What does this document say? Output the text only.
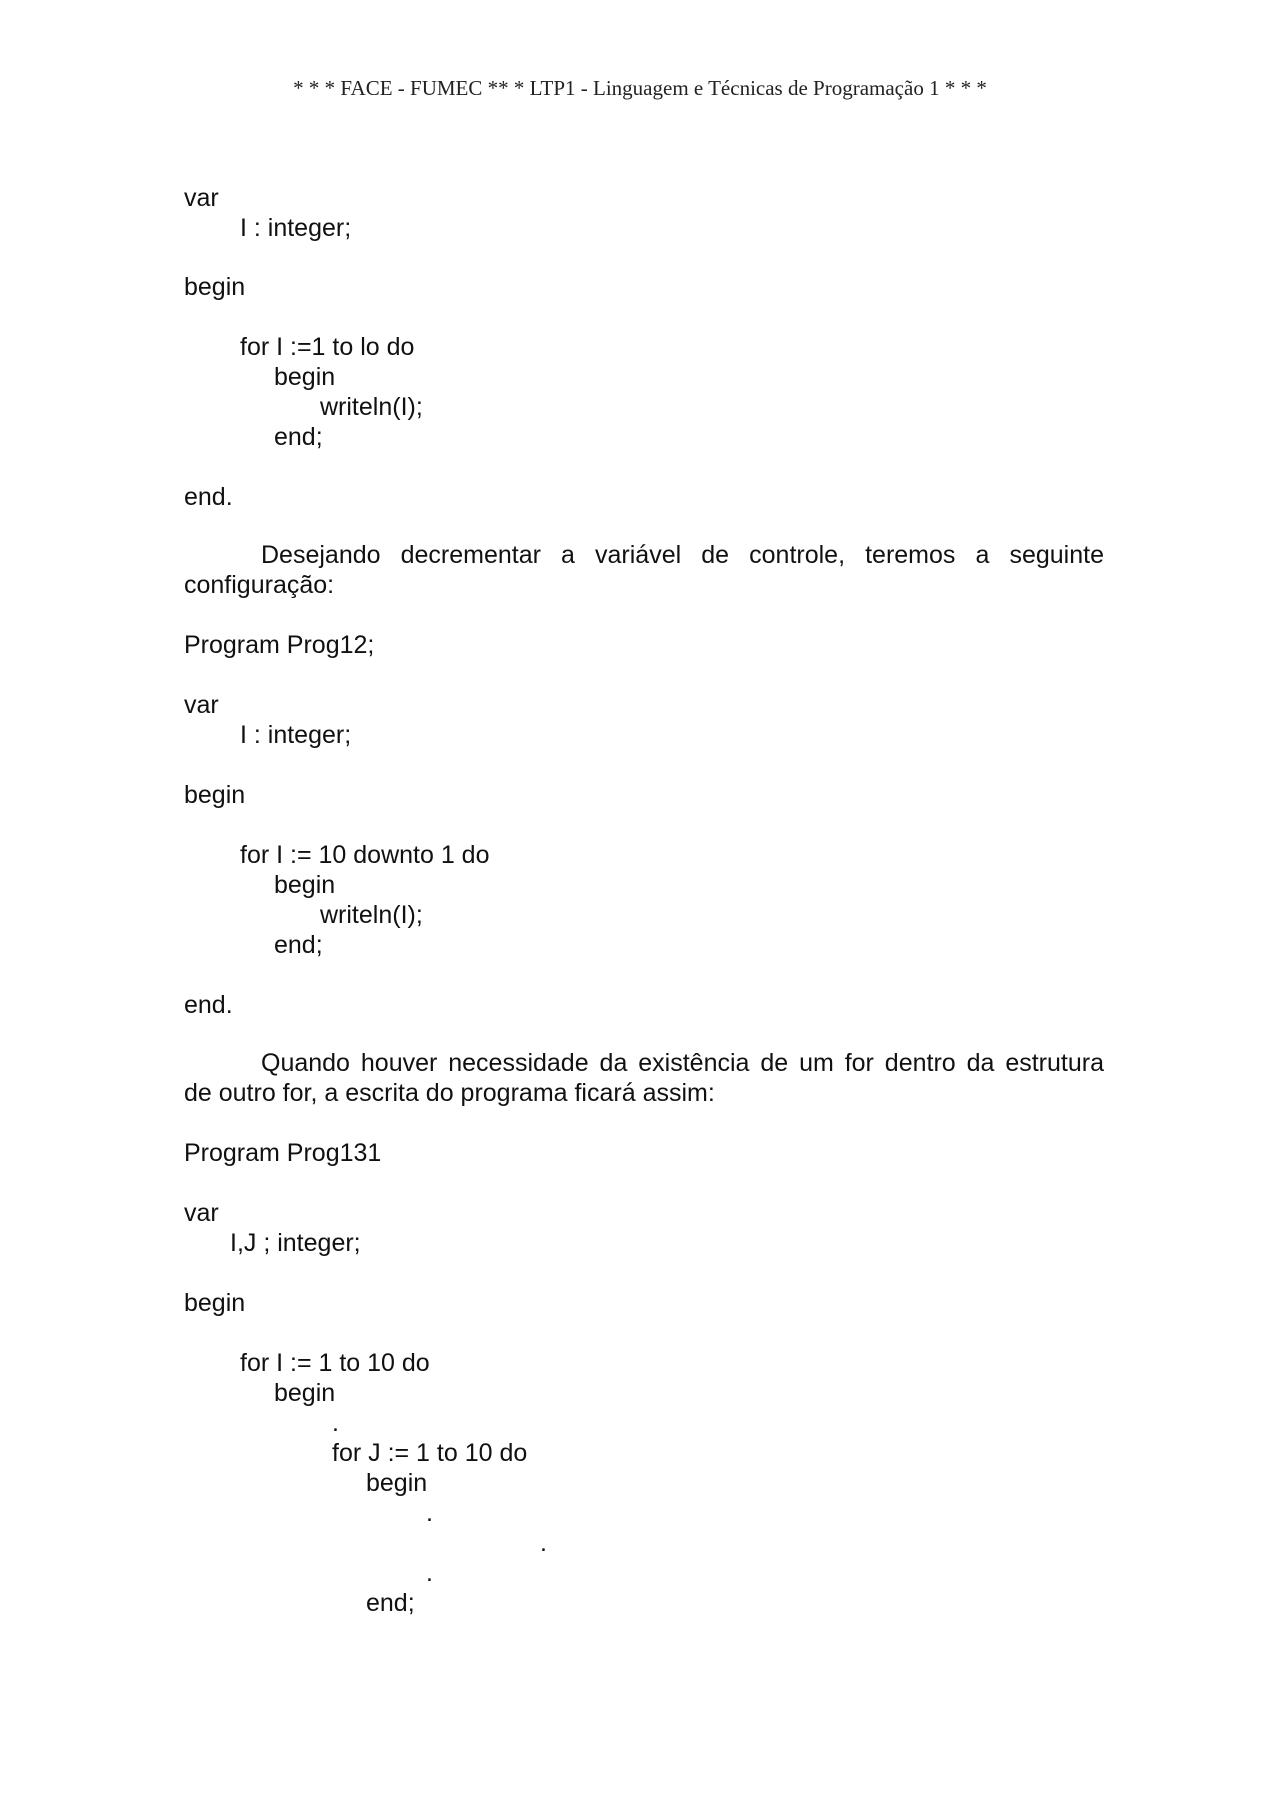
* * * FACE - FUMEC ** * LTP1 - Linguagem e Técnicas de Programação 1 * * *
var
I : integer;
begin
for I :=1 to lo do
begin
writeln(I);
end;
end.
Desejando decrementar a variável de controle, teremos a seguinte
configuração:
Program Prog12;
var
I : integer;
begin
for I := 10 downto 1 do
begin
writeln(I);
end;
end.
Quando houver necessidade da existência de um for dentro da estrutura
de outro for, a escrita do programa ficará assim:
Program Prog131
var
I,J ; integer;
begin
for I := 1 to 10 do
begin
.
for J := 1 to 10 do
begin
.
.
.
end;
